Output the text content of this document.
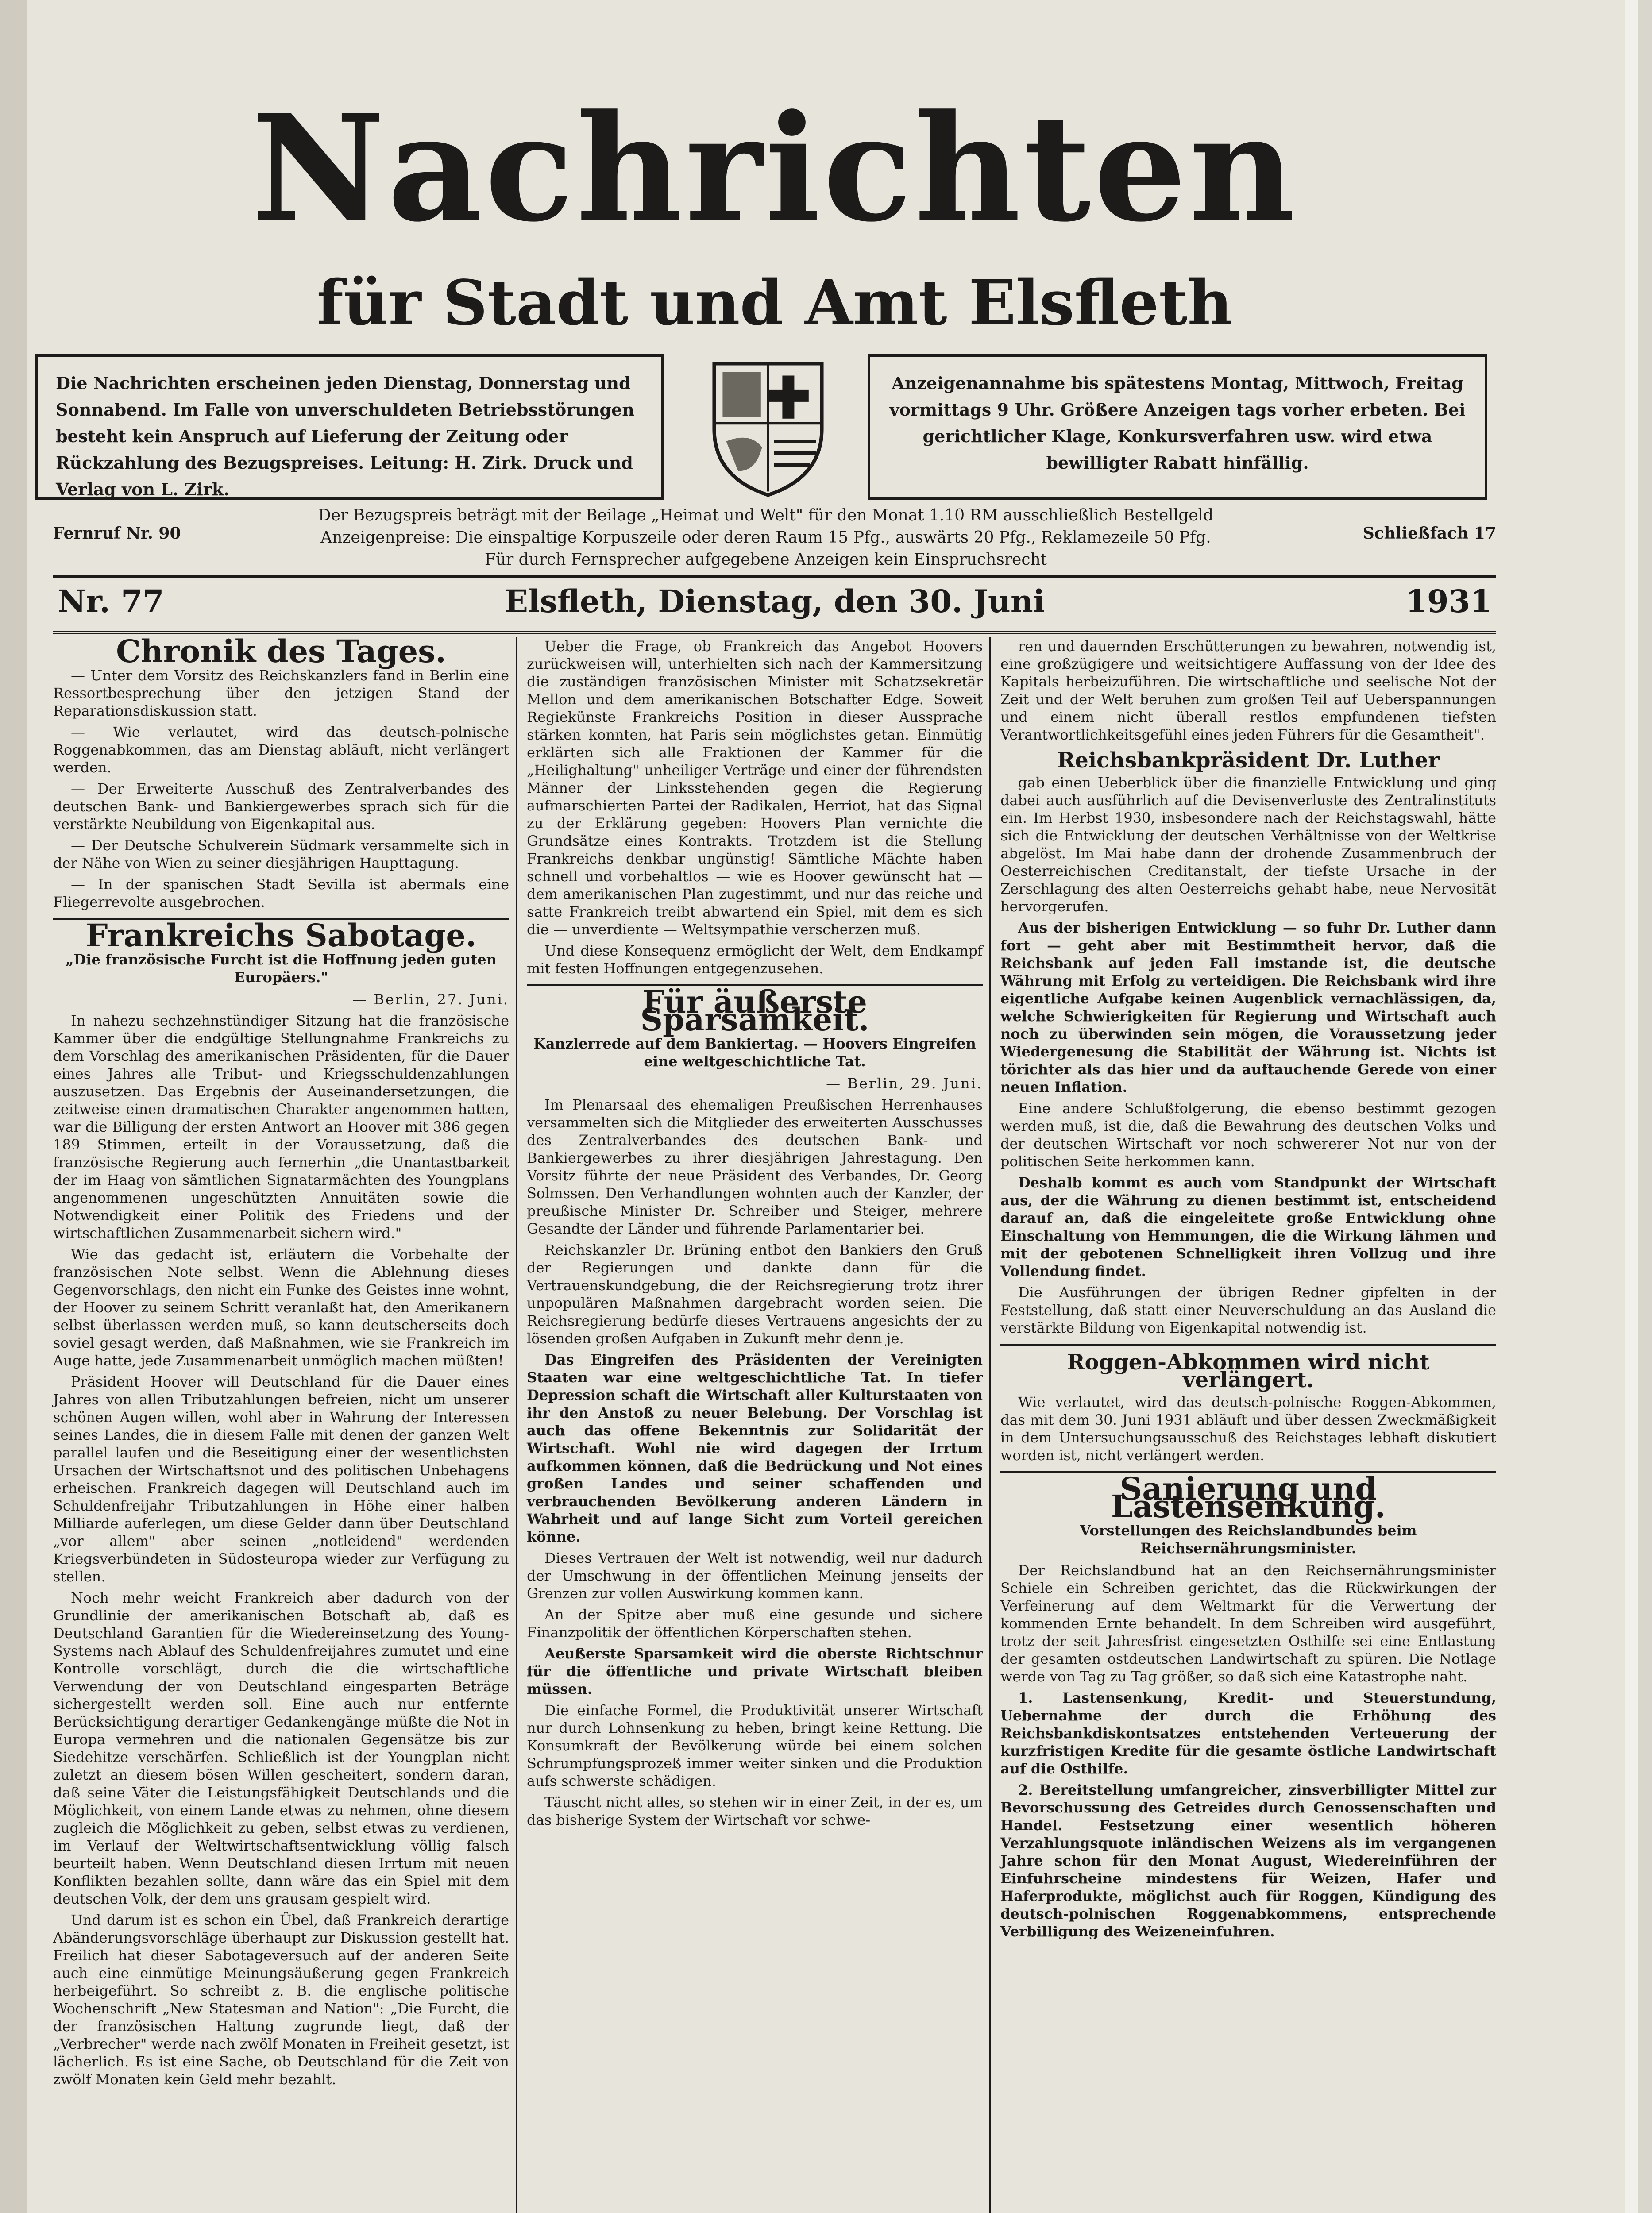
Nachrichten
für Stadt und Amt Elsfleth
Die Nachrichten erscheinen jeden Dienstag, Donnerstag und Sonnabend. Im Falle von unverschuldeten Betriebsstörungen besteht kein Anspruch auf Lieferung der Zeitung oder Rückzahlung des Bezugspreises. Leitung: H. Zirk. Druck und Verlag von L. Zirk.
Anzeigenannahme bis spätestens Montag, Mittwoch, Freitag vormittags 9 Uhr. Größere Anzeigen tags vorher erbeten. Bei gerichtlicher Klage, Konkursverfahren usw. wird etwa bewilligter Rabatt hinfällig.
Fernruf Nr. 90
Der Bezugspreis beträgt mit der Beilage „Heimat und Welt" für den Monat 1.10 RM ausschließlich Bestellgeld
Anzeigenpreise: Die einspaltige Korpuszeile oder deren Raum 15 Pfg., auswärts 20 Pfg., Reklamezeile 50 Pfg.
Für durch Fernsprecher aufgegebene Anzeigen kein Einspruchsrecht
Schließfach 17
Nr. 77	Elsfleth, Dienstag, den 30. Juni	1931
Chronik des Tages.

— Unter dem Vorsitz des Reichskanzlers fand in Berlin eine Ressortbesprechung über den jetzigen Stand der Reparationsdiskussion statt.

— Wie verlautet, wird das deutsch-polnische Roggenabkommen, das am Dienstag abläuft, nicht verlängert werden.

— Der Erweiterte Ausschuß des Zentralverbandes des deutschen Bank- und Bankiergewerbes sprach sich für die verstärkte Neubildung von Eigenkapital aus.

— Der Deutsche Schulverein Südmark versammelte sich in der Nähe von Wien zu seiner diesjährigen Haupttagung.

— In der spanischen Stadt Sevilla ist abermals eine Fliegerrevolte ausgebrochen.

Frankreichs Sabotage.
„Die französische Furcht ist die Hoffnung jeden guten Europäers."
— Berlin, 27. Juni.

In nahezu sechzehnstündiger Sitzung hat die französische Kammer über die endgültige Stellungnahme Frankreichs zu dem Vorschlag des amerikanischen Präsidenten, für die Dauer eines Jahres alle Tribut- und Kriegsschuldenzahlungen auszusetzen. Das Ergebnis der Auseinandersetzungen, die zeitweise einen dramatischen Charakter angenommen hatten, war die Billigung der ersten Antwort an Hoover mit 386 gegen 189 Stimmen, erteilt in der Voraussetzung, daß die französische Regierung auch fernerhin „die Unantastbarkeit der im Haag von sämtlichen Signatarmächten des Youngplans angenommenen ungeschützten Annuitäten sowie die Notwendigkeit einer Politik des Friedens und der wirtschaftlichen Zusammenarbeit sichern wird."

Wie das gedacht ist, erläutern die Vorbehalte der französischen Note selbst. Wenn die Ablehnung dieses Gegenvorschlags, den nicht ein Funke des Geistes inne wohnt, der Hoover zu seinem Schritt veranlaßt hat, den Amerikanern selbst überlassen werden muß, so kann deutscherseits doch soviel gesagt werden, daß Maßnahmen, wie sie Frankreich im Auge hatte, jede Zusammenarbeit unmöglich machen müßten!

Präsident Hoover will Deutschland für die Dauer eines Jahres von allen Tributzahlungen befreien, nicht um unserer schönen Augen willen, wohl aber in Wahrung der Interessen seines Landes, die in diesem Falle mit denen der ganzen Welt parallel laufen und die Beseitigung einer der wesentlichsten Ursachen der Wirtschaftsnot und des politischen Unbehagens erheischen. Frankreich dagegen will Deutschland auch im Schuldenfreijahr Tributzahlungen in Höhe einer halben Milliarde auferlegen, um diese Gelder dann über Deutschland „vor allem" aber seinen „notleidend" werdenden Kriegsverbündeten in Südosteuropa wieder zur Verfügung zu stellen.

Noch mehr weicht Frankreich aber dadurch von der Grundlinie der amerikanischen Botschaft ab, daß es Deutschland Garantien für die Wiedereinsetzung des Young-Systems nach Ablauf des Schuldenfreijahres zumutet und eine Kontrolle vorschlägt, durch die die wirtschaftliche Verwendung der von Deutschland eingesparten Beträge sichergestellt werden soll. Eine auch nur entfernte Berücksichtigung derartiger Gedankengänge müßte die Not in Europa vermehren und die nationalen Gegensätze bis zur Siedehitze verschärfen. Schließlich ist der Youngplan nicht zuletzt an diesem bösen Willen gescheitert, sondern daran, daß seine Väter die Leistungsfähigkeit Deutschlands und die Möglichkeit, von einem Lande etwas zu nehmen, ohne diesem zugleich die Möglichkeit zu geben, selbst etwas zu verdienen, im Verlauf der Weltwirtschaftsentwicklung völlig falsch beurteilt haben. Wenn Deutschland diesen Irrtum mit neuen Konflikten bezahlen sollte, dann wäre das ein Spiel mit dem deutschen Volk, der dem uns grausam gespielt wird.

Und darum ist es schon ein Übel, daß Frankreich derartige Abänderungsvorschläge überhaupt zur Diskussion gestellt hat. Freilich hat dieser Sabotageversuch auf der anderen Seite auch eine einmütige Meinungsäußerung gegen Frankreich herbeigeführt. So schreibt z. B. die englische politische Wochenschrift „New Statesman and Nation": „Die Furcht, die der französischen Haltung zugrunde liegt, daß der „Verbrecher" werde nach zwölf Monaten in Freiheit gesetzt, ist lächerlich. Es ist eine Sache, ob Deutschland für die Zeit von zwölf Monaten kein Geld mehr bezahlt.

Ueber die Frage, ob Frankreich das Angebot Hoovers zurückweisen will, unterhielten sich nach der Kammersitzung die zuständigen französischen Minister mit Schatzsekretär Mellon und dem amerikanischen Botschafter Edge. Soweit Regiekünste Frankreichs Position in dieser Aussprache stärken konnten, hat Paris sein möglichstes getan. Einmütig erklärten sich alle Fraktionen der Kammer für die „Heilighaltung" unheiliger Verträge und einer der führendsten Männer der Linksstehenden gegen die Regierung aufmarschierten Partei der Radikalen, Herriot, hat das Signal zu der Erklärung gegeben: Hoovers Plan vernichte die Grundsätze eines Kontrakts. Trotzdem ist die Stellung Frankreichs denkbar ungünstig! Sämtliche Mächte haben schnell und vorbehaltlos — wie es Hoover gewünscht hat — dem amerikanischen Plan zugestimmt, und nur das reiche und satte Frankreich treibt abwartend ein Spiel, mit dem es sich die — unverdiente — Weltsympathie verscherzen muß.

Und diese Konsequenz ermöglicht der Welt, dem Endkampf mit festen Hoffnungen entgegenzusehen.

Für äußerste Sparsamkeit.
Kanzlerrede auf dem Bankiertag. — Hoovers Eingreifen eine weltgeschichtliche Tat.
— Berlin, 29. Juni.

Im Plenarsaal des ehemaligen Preußischen Herrenhauses versammelten sich die Mitglieder des erweiterten Ausschusses des Zentralverbandes des deutschen Bank- und Bankiergewerbes zu ihrer diesjährigen Jahrestagung. Den Vorsitz führte der neue Präsident des Verbandes, Dr. Georg Solmssen. Den Verhandlungen wohnten auch der Kanzler, der preußische Minister Dr. Schreiber und Steiger, mehrere Gesandte der Länder und führende Parlamentarier bei.

Reichskanzler Dr. Brüning entbot den Bankiers den Gruß der Regierungen und dankte dann für die Vertrauenskundgebung, die der Reichsregierung trotz ihrer unpopulären Maßnahmen dargebracht worden seien. Die Reichsregierung bedürfe dieses Vertrauens angesichts der zu lösenden großen Aufgaben in Zukunft mehr denn je.

Das Eingreifen des Präsidenten der Vereinigten Staaten war eine weltgeschichtliche Tat. In tiefer Depression schaft die Wirtschaft aller Kulturstaaten von ihr den Anstoß zu neuer Belebung. Der Vorschlag ist auch das offene Bekenntnis zur Solidarität der Wirtschaft. Wohl nie wird dagegen der Irrtum aufkommen können, daß die Bedrückung und Not eines großen Landes und seiner schaffenden und verbrauchenden Bevölkerung anderen Ländern in Wahrheit und auf lange Sicht zum Vorteil gereichen könne.

Dieses Vertrauen der Welt ist notwendig, weil nur dadurch der Umschwung in der öffentlichen Meinung jenseits der Grenzen zur vollen Auswirkung kommen kann.

An der Spitze aber muß eine gesunde und sichere Finanzpolitik der öffentlichen Körperschaften stehen.

Aeußerste Sparsamkeit wird die oberste Richtschnur für die öffentliche und private Wirtschaft bleiben müssen.

Die einfache Formel, die Produktivität unserer Wirtschaft nur durch Lohnsenkung zu heben, bringt keine Rettung. Die Konsumkraft der Bevölkerung würde bei einem solchen Schrumpfungsprozeß immer weiter sinken und die Produktion aufs schwerste schädigen.

Täuscht nicht alles, so stehen wir in einer Zeit, in der es, um das bisherige System der Wirtschaft vor schwe-

ren und dauernden Erschütterungen zu bewahren, notwendig ist, eine großzügigere und weitsichtigere Auffassung von der Idee des Kapitals herbeizuführen. Die wirtschaftliche und seelische Not der Zeit und der Welt beruhen zum großen Teil auf Ueberspannungen und einem nicht überall restlos empfundenen tiefsten Verantwortlichkeitsgefühl eines jeden Führers für die Gesamtheit".

Reichsbankpräsident Dr. Luther

gab einen Ueberblick über die finanzielle Entwicklung und ging dabei auch ausführlich auf die Devisenverluste des Zentralinstituts ein. Im Herbst 1930, insbesondere nach der Reichstagswahl, hätte sich die Entwicklung der deutschen Verhältnisse von der Weltkrise abgelöst. Im Mai habe dann der drohende Zusammenbruch der Oesterreichischen Creditanstalt, der tiefste Ursache in der Zerschlagung des alten Oesterreichs gehabt habe, neue Nervosität hervorgerufen.

Aus der bisherigen Entwicklung — so fuhr Dr. Luther dann fort — geht aber mit Bestimmtheit hervor, daß die Reichsbank auf jeden Fall imstande ist, die deutsche Währung mit Erfolg zu verteidigen. Die Reichsbank wird ihre eigentliche Aufgabe keinen Augenblick vernachlässigen, da, welche Schwierigkeiten für Regierung und Wirtschaft auch noch zu überwinden sein mögen, die Voraussetzung jeder Wiedergenesung die Stabilität der Währung ist. Nichts ist törichter als das hier und da auftauchende Gerede von einer neuen Inflation.

Eine andere Schlußfolgerung, die ebenso bestimmt gezogen werden muß, ist die, daß die Bewahrung des deutschen Volks und der deutschen Wirtschaft vor noch schwererer Not nur von der politischen Seite herkommen kann.

Deshalb kommt es auch vom Standpunkt der Wirtschaft aus, der die Währung zu dienen bestimmt ist, entscheidend darauf an, daß die eingeleitete große Entwicklung ohne Einschaltung von Hemmungen, die die Wirkung lähmen und mit der gebotenen Schnelligkeit ihren Vollzug und ihre Vollendung findet.

Die Ausführungen der übrigen Redner gipfelten in der Feststellung, daß statt einer Neuverschuldung an das Ausland die verstärkte Bildung von Eigenkapital notwendig ist.

Roggen-Abkommen wird nicht verlängert.

Wie verlautet, wird das deutsch-polnische Roggen-Abkommen, das mit dem 30. Juni 1931 abläuft und über dessen Zweckmäßigkeit in dem Untersuchungsausschuß des Reichstages lebhaft diskutiert worden ist, nicht verlängert werden.

Sanierung und Lastensenkung.
Vorstellungen des Reichslandbundes beim Reichsernährungsminister.

Der Reichslandbund hat an den Reichsernährungsminister Schiele ein Schreiben gerichtet, das die Rückwirkungen der Verfeinerung auf dem Weltmarkt für die Verwertung der kommenden Ernte behandelt. In dem Schreiben wird ausgeführt, trotz der seit Jahresfrist eingesetzten Osthilfe sei eine Entlastung der gesamten ostdeutschen Landwirtschaft zu spüren. Die Notlage werde von Tag zu Tag größer, so daß sich eine Katastrophe naht.

1. Lastensenkung, Kredit- und Steuerstundung, Uebernahme der durch die Erhöhung des Reichsbankdiskontsatzes entstehenden Verteuerung der kurzfristigen Kredite für die gesamte östliche Landwirtschaft auf die Osthilfe.

2. Bereitstellung umfangreicher, zinsverbilligter Mittel zur Bevorschussung des Getreides durch Genossenschaften und Handel. Festsetzung einer wesentlich höheren Verzahlungsquote inländischen Weizens als im vergangenen Jahre schon für den Monat August, Wiedereinführen der Einfuhrscheine mindestens für Weizen, Hafer und Haferprodukte, möglichst auch für Roggen, Kündigung des deutsch-polnischen Roggenabkommens, entsprechende Verbilligung des Weizeneinfuhren.
